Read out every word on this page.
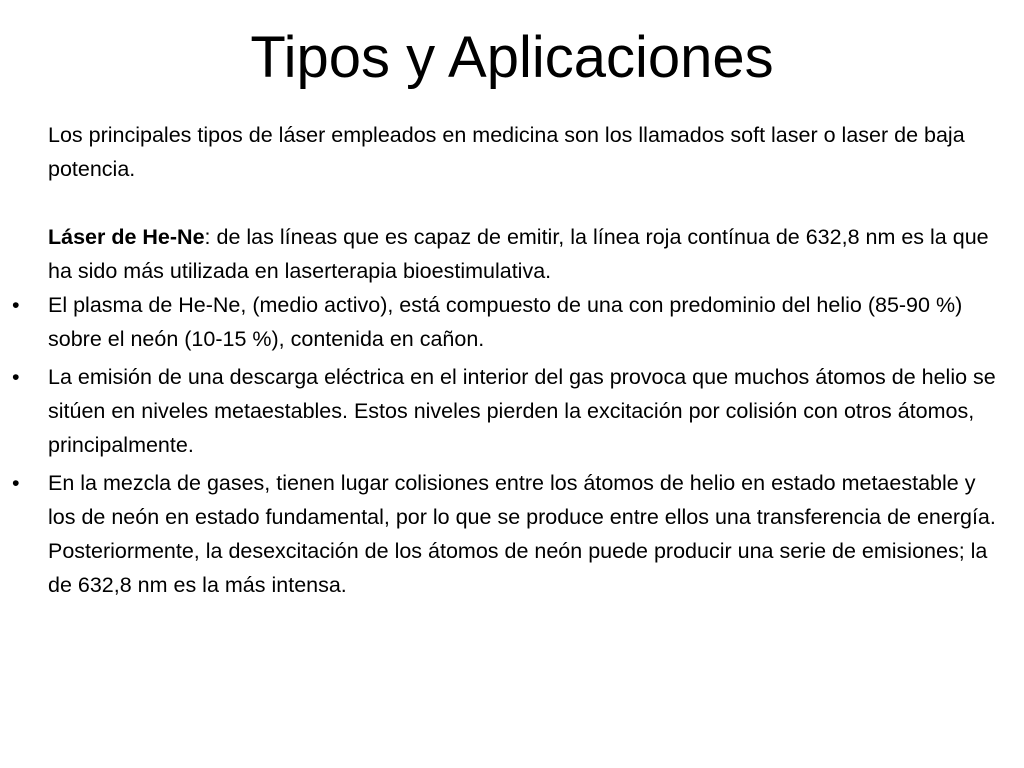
Tipos y Aplicaciones

Los principales tipos de láser empleados en medicina son los llamados soft laser o laser de baja potencia.

Láser de He-Ne: de las líneas que es capaz de emitir, la línea roja contínua de 632,8 nm es la que ha sido más utilizada en laserterapia bioestimulativa.

• El plasma de He-Ne, (medio activo), está compuesto de una con predominio del helio (85-90 %) sobre el neón (10-15 %), contenida en cañon.
• La emisión de una descarga eléctrica en el interior del gas provoca que muchos átomos de helio se sitúen en niveles metaestables. Estos niveles pierden la excitación por colisión con otros átomos, principalmente.
• En la mezcla de gases, tienen lugar colisiones entre los átomos de helio en estado metaestable y los de neón en estado fundamental, por lo que se produce entre ellos una transferencia de energía. Posteriormente, la desexcitación de los átomos de neón puede producir una serie de emisiones; la de 632,8 nm es la más intensa.
